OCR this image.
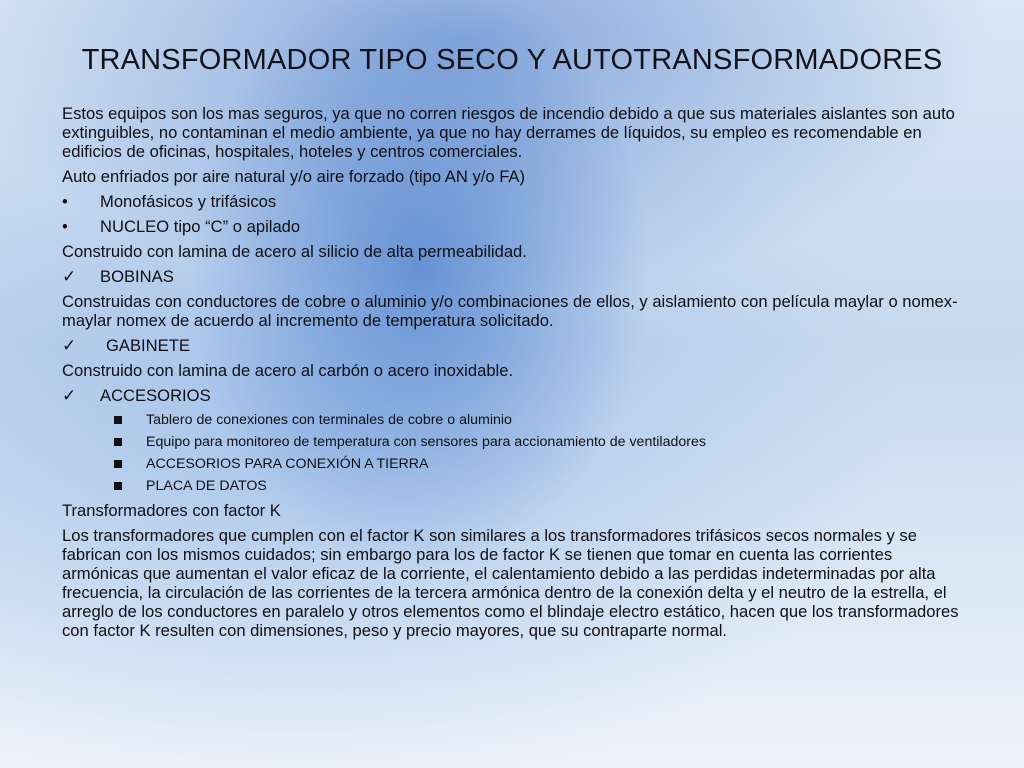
TRANSFORMADOR TIPO SECO Y AUTOTRANSFORMADORES

Estos equipos son los mas seguros, ya que no corren riesgos de incendio debido a que sus materiales aislantes son auto extinguibles, no contaminan el medio ambiente, ya que no hay derrames de líquidos, su empleo es recomendable en edificios de oficinas, hospitales, hoteles y centros comerciales.

Auto enfriados por aire natural y/o aire forzado (tipo AN y/o FA)

•	Monofásicos y trifásicos
•	NUCLEO tipo “C” o apilado

Construido con lamina de acero al silicio de alta permeabilidad.

✓	BOBINAS

Construidas con conductores de cobre o aluminio y/o combinaciones de ellos, y aislamiento con película maylar o nomex-maylar nomex de acuerdo al incremento de temperatura solicitado.

✓	GABINETE

Construido con lamina de acero al carbón o acero inoxidable.

✓	ACCESORIOS
Tablero de conexiones con terminales de cobre o aluminio
Equipo para monitoreo de temperatura con sensores para accionamiento de ventiladores
ACCESORIOS PARA CONEXIÓN A TIERRA
PLACA DE DATOS

Transformadores con factor K

Los transformadores que cumplen con el factor K son similares a los transformadores trifásicos secos normales y se fabrican con los mismos cuidados; sin embargo para los de factor K se tienen que tomar en cuenta las corrientes armónicas que aumentan el valor eficaz de la corriente, el calentamiento debido a las perdidas indeterminadas por alta frecuencia, la circulación de las corrientes de la tercera armónica dentro de la conexión delta y el neutro de la estrella, el arreglo de los conductores en paralelo y otros elementos como el blindaje electro estático, hacen que los transformadores con factor K resulten con dimensiones, peso y precio mayores, que su contraparte normal.
